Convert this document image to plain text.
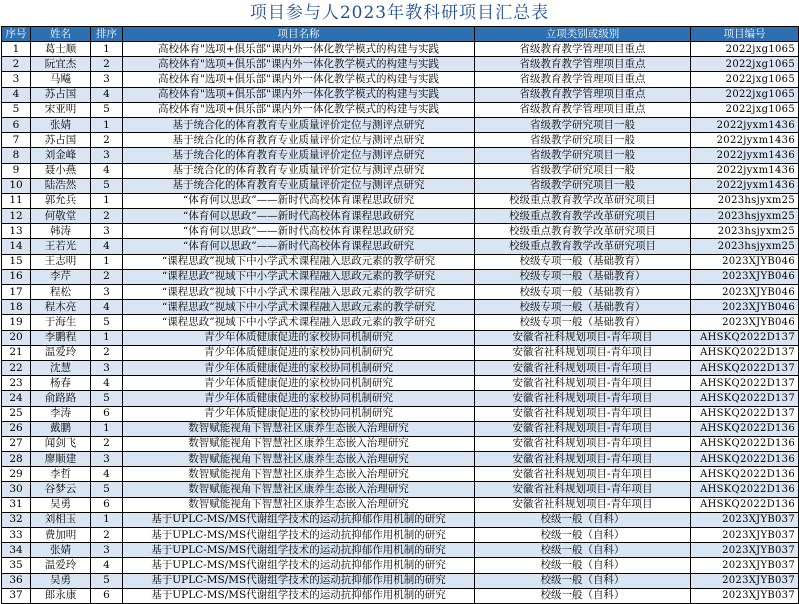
项目参与人2023年教科研项目汇总表
序号	姓名	排序	项目名称	立项类别或级别	项目编号
1	葛士顺	1	高校体育"选项+俱乐部"课内外一体化教学模式的构建与实践	省级教育教学管理项目重点	2022jxg1065
2	阮宜杰	2	高校体育"选项+俱乐部"课内外一体化教学模式的构建与实践	省级教育教学管理项目重点	2022jxg1065
3	马飚	3	高校体育"选项+俱乐部"课内外一体化教学模式的构建与实践	省级教育教学管理项目重点	2022jxg1065
4	苏占国	4	高校体育"选项+俱乐部"课内外一体化教学模式的构建与实践	省级教育教学管理项目重点	2022jxg1065
5	宋亚明	5	高校体育"选项+俱乐部"课内外一体化教学模式的构建与实践	省级教育教学管理项目重点	2022jxg1065
6	张婧	1	基于统合化的体育教育专业质量评价定位与测评点研究	省级教学研究项目一般	2022jyxm1436
7	苏占国	2	基于统合化的体育教育专业质量评价定位与测评点研究	省级教学研究项目一般	2022jyxm1436
8	刘金峰	3	基于统合化的体育教育专业质量评价定位与测评点研究	省级教学研究项目一般	2022jyxm1436
9	聂小燕	4	基于统合化的体育教育专业质量评价定位与测评点研究	省级教学研究项目一般	2022jyxm1436
10	陆浩然	5	基于统合化的体育教育专业质量评价定位与测评点研究	省级教学研究项目一般	2022jyxm1436
11	郭允兵	1	“体育何以思政”——新时代高校体育课程思政研究	校级重点教育教学改革研究项目	2023hsjyxm25
12	何敬堂	2	“体育何以思政”——新时代高校体育课程思政研究	校级重点教育教学改革研究项目	2023hsjyxm25
13	韩涛	3	“体育何以思政”——新时代高校体育课程思政研究	校级重点教育教学改革研究项目	2023hsjyxm25
14	王若光	4	“体育何以思政”——新时代高校体育课程思政研究	校级重点教育教学改革研究项目	2023hsjyxm25
15	王志明	1	“课程思政”视域下中小学武术课程融入思政元素的教学研究	校级专项一般（基础教育）	2023XJYB046
16	李芹	2	“课程思政”视域下中小学武术课程融入思政元素的教学研究	校级专项一般（基础教育）	2023XJYB046
17	程松	3	“课程思政”视域下中小学武术课程融入思政元素的教学研究	校级专项一般（基础教育）	2023XJYB046
18	程木亮	4	“课程思政”视域下中小学武术课程融入思政元素的教学研究	校级专项一般（基础教育）	2023XJYB046
19	于海生	5	“课程思政”视域下中小学武术课程融入思政元素的教学研究	校级专项一般（基础教育）	2023XJYB046
20	李鹏程	1	青少年体质健康促进的家校协同机制研究	安徽省社科规划项目-青年项目	AHSKQ2022D137
21	温爱玲	2	青少年体质健康促进的家校协同机制研究	安徽省社科规划项目-青年项目	AHSKQ2022D137
22	沈慧	3	青少年体质健康促进的家校协同机制研究	安徽省社科规划项目-青年项目	AHSKQ2022D137
23	杨春	4	青少年体质健康促进的家校协同机制研究	安徽省社科规划项目-青年项目	AHSKQ2022D137
24	俞路路	5	青少年体质健康促进的家校协同机制研究	安徽省社科规划项目-青年项目	AHSKQ2022D137
25	李涛	6	青少年体质健康促进的家校协同机制研究	安徽省社科规划项目-青年项目	AHSKQ2022D137
26	戴鹏	1	数智赋能视角下智慧社区康养生态嵌入治理研究	安徽省社科规划项目-青年项目	AHSKQ2022D136
27	闻剑飞	2	数智赋能视角下智慧社区康养生态嵌入治理研究	安徽省社科规划项目-青年项目	AHSKQ2022D136
28	廖顺建	3	数智赋能视角下智慧社区康养生态嵌入治理研究	安徽省社科规划项目-青年项目	AHSKQ2022D136
29	李哲	4	数智赋能视角下智慧社区康养生态嵌入治理研究	安徽省社科规划项目-青年项目	AHSKQ2022D136
30	谷梦云	5	数智赋能视角下智慧社区康养生态嵌入治理研究	安徽省社科规划项目-青年项目	AHSKQ2022D136
31	吴勇	6	数智赋能视角下智慧社区康养生态嵌入治理研究	安徽省社科规划项目-青年项目	AHSKQ2022D136
32	刘相玉	1	基于UPLC-MS/MS代谢组学技术的运动抗抑郁作用机制的研究	校级一般（自科）	2023XJYB037
33	费加明	2	基于UPLC-MS/MS代谢组学技术的运动抗抑郁作用机制的研究	校级一般（自科）	2023XJYB037
34	张婧	3	基于UPLC-MS/MS代谢组学技术的运动抗抑郁作用机制的研究	校级一般（自科）	2023XJYB037
35	温爱玲	4	基于UPLC-MS/MS代谢组学技术的运动抗抑郁作用机制的研究	校级一般（自科）	2023XJYB037
36	吴勇	5	基于UPLC-MS/MS代谢组学技术的运动抗抑郁作用机制的研究	校级一般（自科）	2023XJYB037
37	郎永康	6	基于UPLC-MS/MS代谢组学技术的运动抗抑郁作用机制的研究	校级一般（自科）	2023XJYB037
